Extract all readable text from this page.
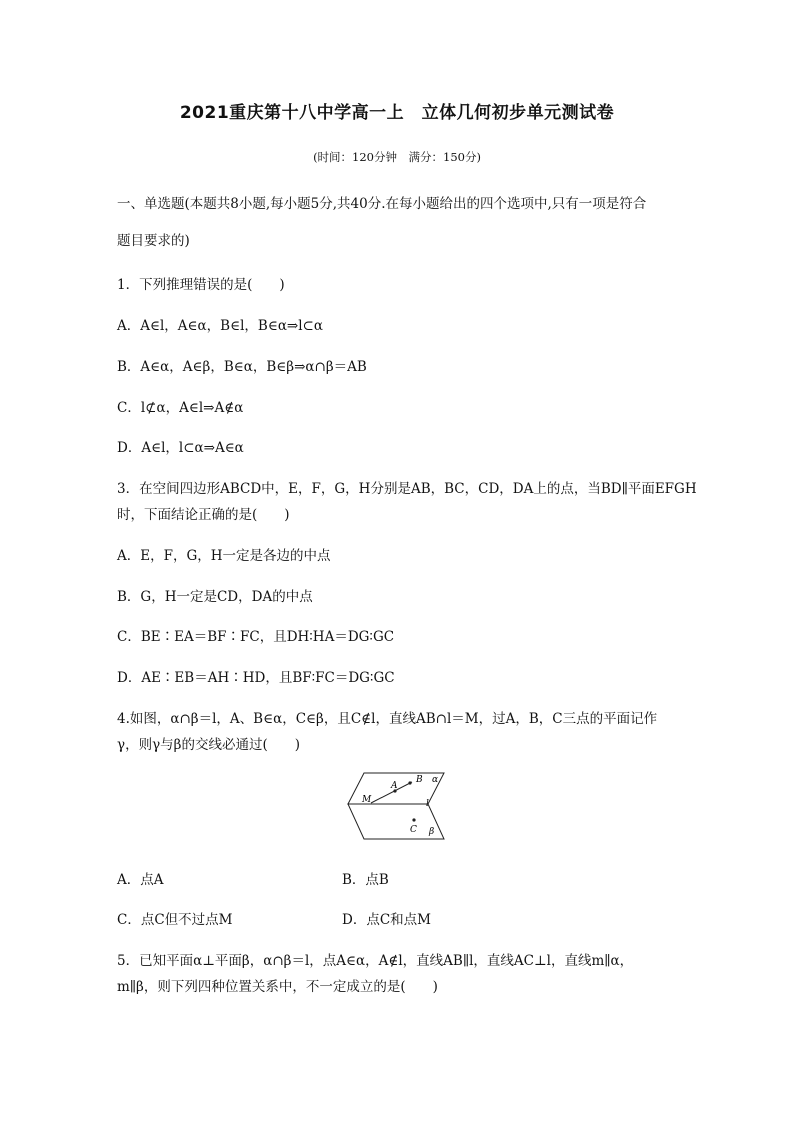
2021重庆第十八中学高一上　立体几何初步单元测试卷
(时间：120分钟　满分：150分)
一、单选题(本题共8小题,每小题5分,共40分.在每小题给出的四个选项中,只有一项是符合
题目要求的)
1．下列推理错误的是(　　)
A．A∈l，A∈α，B∈l，B∈α⇒l⊂α
B．A∈α，A∈β，B∈α，B∈β⇒α∩β＝AB
C．l⊄α，A∈l⇒A∉α
D．A∈l，l⊂α⇒A∈α
3．在空间四边形ABCD中，E，F，G，H分别是AB，BC，CD，DA上的点，当BD∥平面EFGH
时，下面结论正确的是(　　)
A．E，F，G，H一定是各边的中点
B．G，H一定是CD，DA的中点
C．BE∶EA＝BF∶FC，且DH∶HA＝DG∶GC
D．AE∶EB＝AH∶HD，且BF∶FC＝DG∶GC
4.如图，α∩β＝l，A、B∈α，C∈β，且C∉l，直线AB∩l＝M，过A，B，C三点的平面记作
γ，则γ与β的交线必通过(　　)
M
A
B α
l
C β
A．点A	B．点B
C．点C但不过点M	D．点C和点M
5．已知平面α⊥平面β，α∩β＝l，点A∈α，A∉l，直线AB∥l，直线AC⊥l，直线m∥α，
m∥β，则下列四种位置关系中，不一定成立的是(　　)
